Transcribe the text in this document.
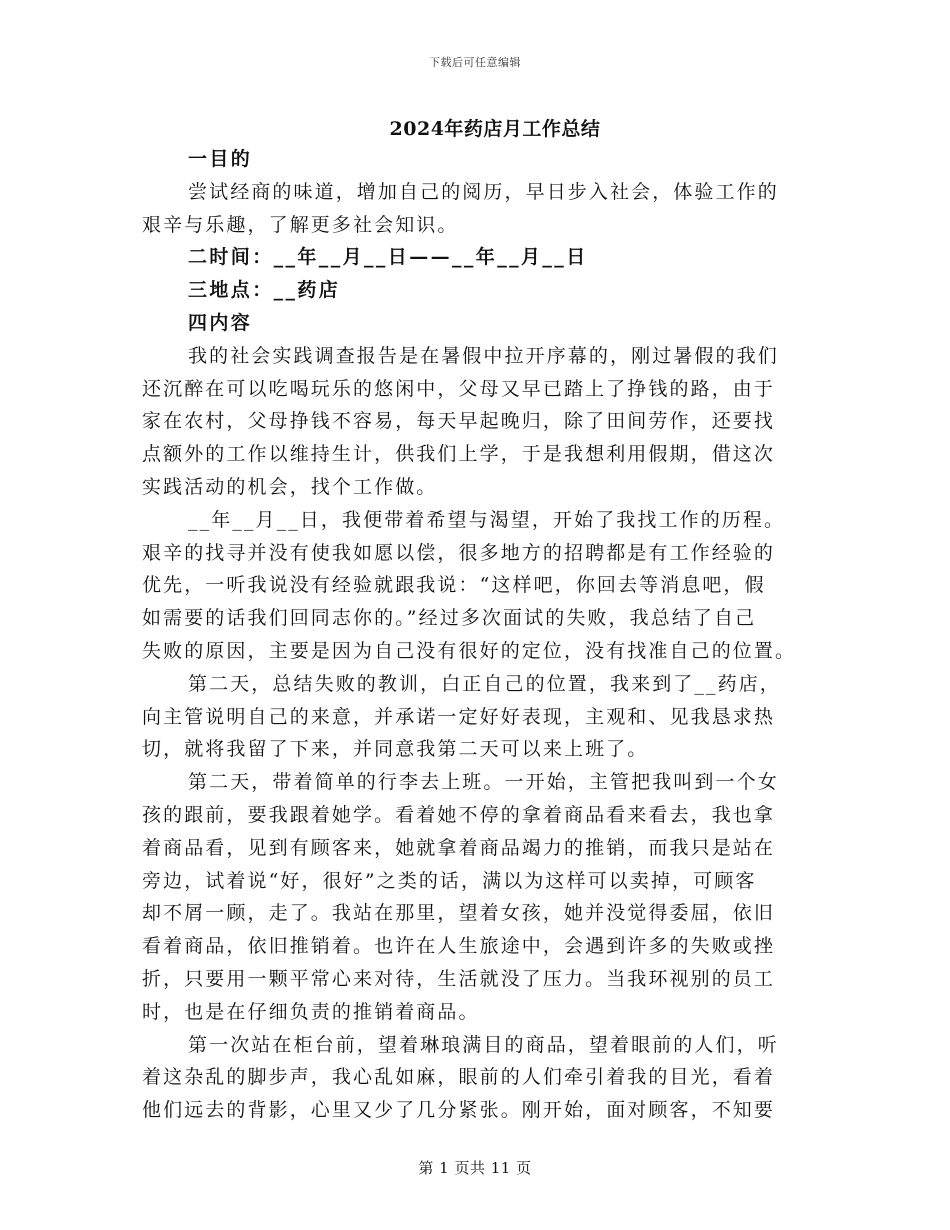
下载后可任意编辑
2024年药店月工作总结
一目的
尝试经商的味道，增加自己的阅历，早日步入社会，体验工作的
艰辛与乐趣，了解更多社会知识。
二时间：__年__月__日——__年__月__日
三地点：__药店
四内容
我的社会实践调查报告是在暑假中拉开序幕的，刚过暑假的我们
还沉醉在可以吃喝玩乐的悠闲中，父母又早已踏上了挣钱的路，由于
家在农村，父母挣钱不容易，每天早起晚归，除了田间劳作，还要找
点额外的工作以维持生计，供我们上学，于是我想利用假期，借这次
实践活动的机会，找个工作做。
__年__月__日，我便带着希望与渴望，开始了我找工作的历程。
艰辛的找寻并没有使我如愿以偿，很多地方的招聘都是有工作经验的
优先，一听我说没有经验就跟我说：“这样吧，你回去等消息吧，假
如需要的话我们回同志你的。”经过多次面试的失败，我总结了自己
失败的原因，主要是因为自己没有很好的定位，没有找准自己的位置。
第二天，总结失败的教训，白正自己的位置，我来到了__药店，
向主管说明自己的来意，并承诺一定好好表现，主观和、见我恳求热
切，就将我留了下来，并同意我第二天可以来上班了。
第二天，带着简单的行李去上班。一开始，主管把我叫到一个女
孩的跟前，要我跟着她学。看着她不停的拿着商品看来看去，我也拿
着商品看，见到有顾客来，她就拿着商品竭力的推销，而我只是站在
旁边，试着说“好，很好”之类的话，满以为这样可以卖掉，可顾客
却不屑一顾，走了。我站在那里，望着女孩，她并没觉得委屈，依旧
看着商品，依旧推销着。也许在人生旅途中，会遇到许多的失败或挫
折，只要用一颗平常心来对待，生活就没了压力。当我环视别的员工
时，也是在仔细负责的推销着商品。
第一次站在柜台前，望着琳琅满目的商品，望着眼前的人们，听
着这杂乱的脚步声，我心乱如麻，眼前的人们牵引着我的目光，看着
他们远去的背影，心里又少了几分紧张。刚开始，面对顾客，不知要
第 1 页共 11 页
